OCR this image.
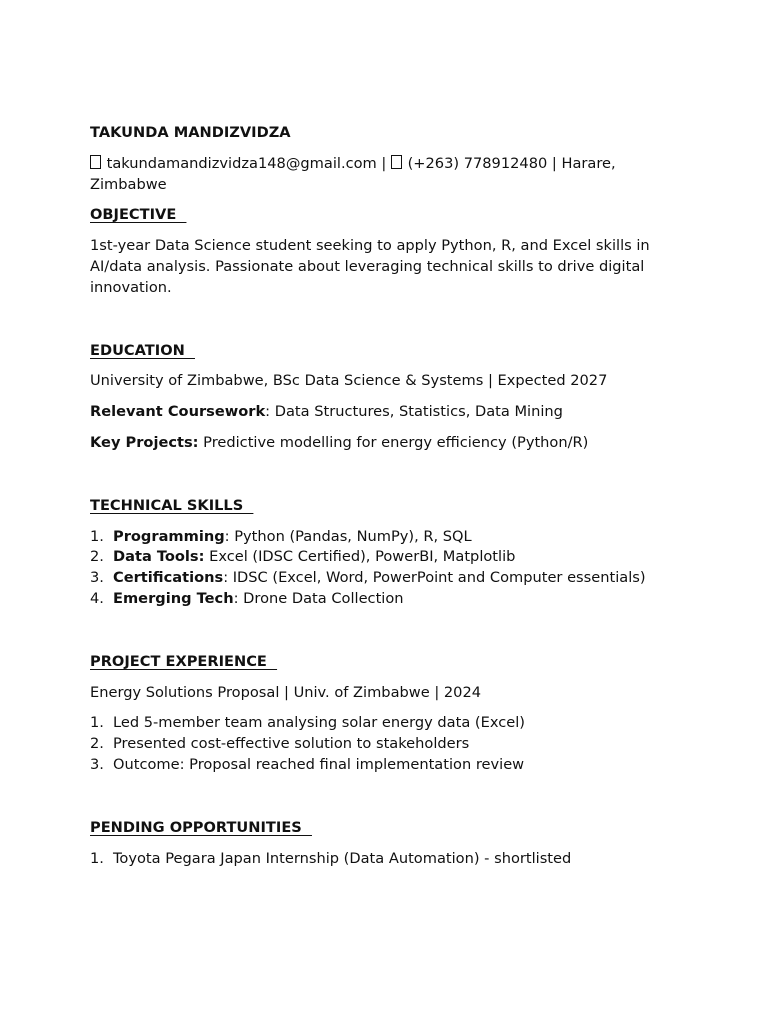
TAKUNDA MANDIZVIDZA
takundamandizvidza148@gmail.com | (+263) 778912480 | Harare, Zimbabwe
OBJECTIVE
1st-year Data Science student seeking to apply Python, R, and Excel skills in AI/data analysis. Passionate about leveraging technical skills to drive digital innovation.
EDUCATION
University of Zimbabwe, BSc Data Science & Systems | Expected 2027
Relevant Coursework: Data Structures, Statistics, Data Mining
Key Projects: Predictive modelling for energy efficiency (Python/R)
TECHNICAL SKILLS
1. Programming: Python (Pandas, NumPy), R, SQL
2. Data Tools: Excel (IDSC Certified), PowerBI, Matplotlib
3. Certifications: IDSC (Excel, Word, PowerPoint and Computer essentials)
4. Emerging Tech: Drone Data Collection
PROJECT EXPERIENCE
Energy Solutions Proposal | Univ. of Zimbabwe | 2024
1. Led 5-member team analysing solar energy data (Excel)
2. Presented cost-effective solution to stakeholders
3. Outcome: Proposal reached final implementation review
PENDING OPPORTUNITIES
1. Toyota Pegara Japan Internship (Data Automation) - shortlisted
